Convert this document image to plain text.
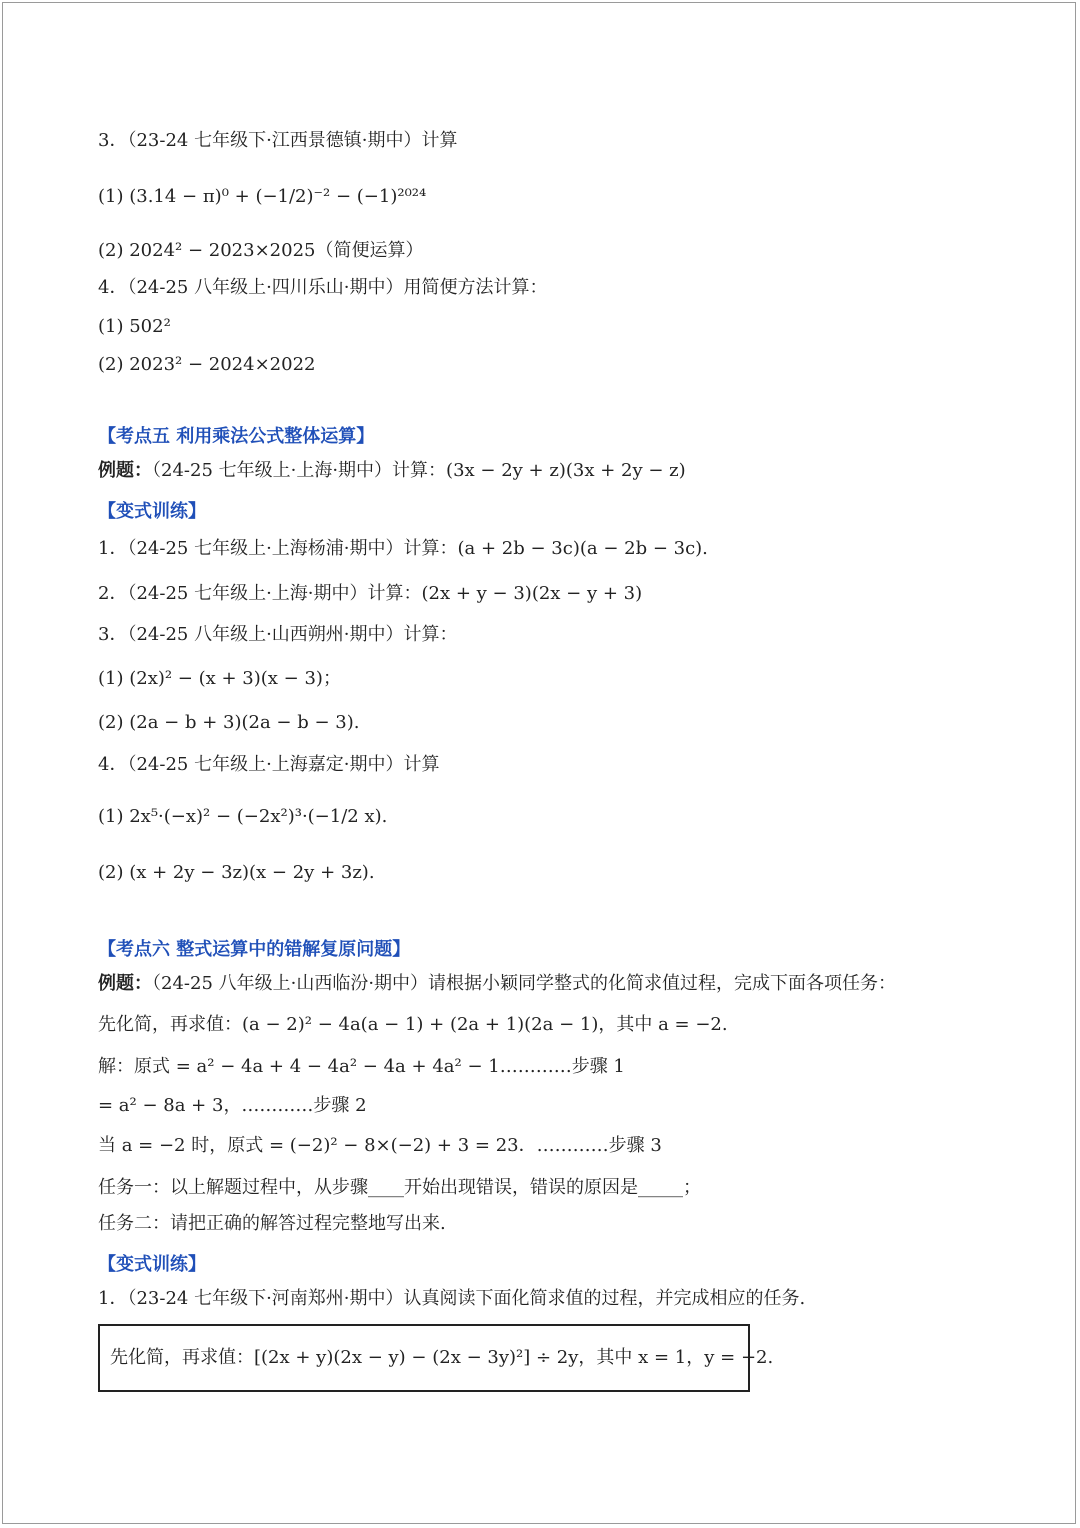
3．（23-24 七年级下·江西景德镇·期中）计算
(1) (3.14 − π)⁰ + (−1/2)⁻² − (−1)²⁰²⁴
(2) 2024² − 2023×2025（简便运算）
4．（24-25 八年级上·四川乐山·期中）用简便方法计算：
(1) 502²
(2) 2023² − 2024×2022
【考点五 利用乘法公式整体运算】
例题：（24-25 七年级上·上海·期中）计算：(3x − 2y + z)(3x + 2y − z)
【变式训练】
1．（24-25 七年级上·上海杨浦·期中）计算：(a + 2b − 3c)(a − 2b − 3c).
2．（24-25 七年级上·上海·期中）计算：(2x + y − 3)(2x − y + 3)
3．（24-25 八年级上·山西朔州·期中）计算：
(1) (2x)² − (x + 3)(x − 3)；
(2) (2a − b + 3)(2a − b − 3).
4．（24-25 七年级上·上海嘉定·期中）计算
(1) 2x⁵·(−x)² − (−2x²)³·(−1/2 x).
(2) (x + 2y − 3z)(x − 2y + 3z).
【考点六 整式运算中的错解复原问题】
例题：（24-25 八年级上·山西临汾·期中）请根据小颖同学整式的化简求值过程，完成下面各项任务：
先化简，再求值：(a − 2)² − 4a(a − 1) + (2a + 1)(2a − 1)，其中 a = −2.
解：原式 = a² − 4a + 4 − 4a² − 4a + 4a² − 1…………步骤 1
= a² − 8a + 3，…………步骤 2
当 a = −2 时，原式 = (−2)² − 8×(−2) + 3 = 23．…………步骤 3
任务一：以上解题过程中，从步骤____开始出现错误，错误的原因是_____；
任务二：请把正确的解答过程完整地写出来.
【变式训练】
1．（23-24 七年级下·河南郑州·期中）认真阅读下面化简求值的过程，并完成相应的任务.
先化简，再求值：[(2x + y)(2x − y) − (2x − 3y)²] ÷ 2y，其中 x = 1，y = −2.
